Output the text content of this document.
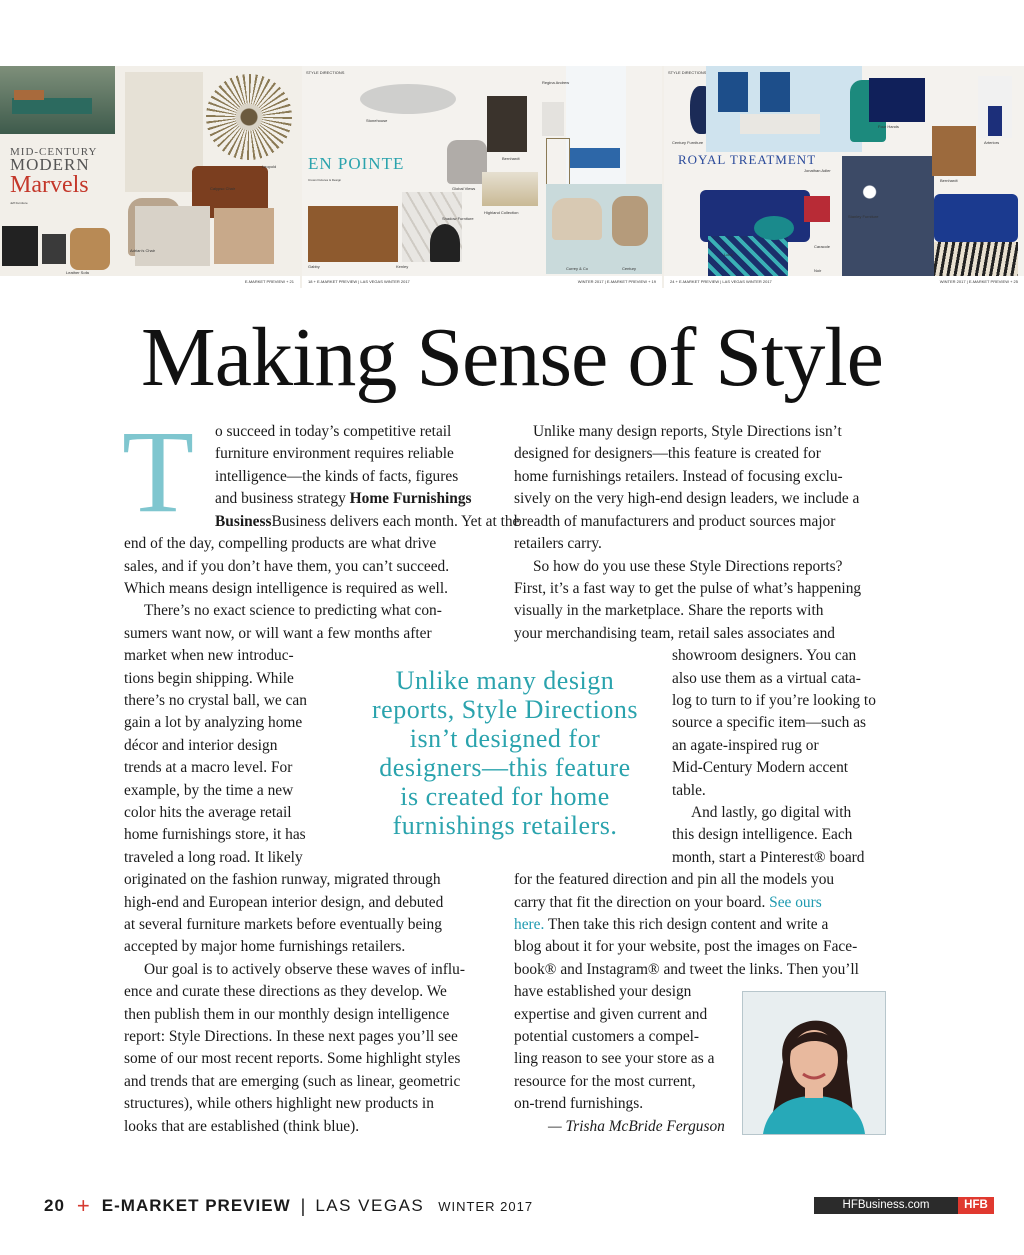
MID-CENTURY
MODERN
Marvels
Jeff Furniture
Adrian's Chair
Calypso Chair
Leopold
Leather Sofa
E-MARKET PREVIEW + 21
STYLE DIRECTIONS
EN POINTE
Crown Fixtures & Design
Stonehouse
Global Views
Shadow Furniture
Gabby	Kenley
Bernhardt
Regina Andrew
Highland Collection
Currey & Co	Century
18 + E-MARKET PREVIEW | LAS VEGAS WINTER 2017	WINTER 2017 | E-MARKET PREVIEW + 19
STYLE DIRECTIONS
ROYAL TREATMENT
Century Furniture
Jonathan Adler
Caracole
Loloi
Noir
Four Hands
Arteriors
Bernhardt
Stanley Furniture
24 + E-MARKET PREVIEW | LAS VEGAS WINTER 2017	WINTER 2017 | E-MARKET PREVIEW + 25
Making Sense of Style
T o succeed in today’s competitive retail
furniture environment requires reliable
intelligence—the kinds of facts, figures
and business strategy Home Furnishings
BusinessBusiness delivers each month. Yet at the
end of the day, compelling products are what drive
sales, and if you don’t have them, you can’t succeed.
Which means design intelligence is required as well.
There’s no exact science to predicting what con-
sumers want now, or will want a few months after
market when new introduc-
tions begin shipping. While
there’s no crystal ball, we can
gain a lot by analyzing home
décor and interior design
trends at a macro level. For
example, by the time a new
color hits the average retail
home furnishings store, it has
traveled a long road. It likely
originated on the fashion runway, migrated through
high-end and European interior design, and debuted
at several furniture markets before eventually being
accepted by major home furnishings retailers.
Our goal is to actively observe these waves of influ-
ence and curate these directions as they develop. We
then publish them in our monthly design intelligence
report: Style Directions. In these next pages you’ll see
some of our most recent reports. Some highlight styles
and trends that are emerging (such as linear, geometric
structures), while others highlight new products in
looks that are established (think blue).
Unlike many design
reports, Style Directions
isn’t designed for
designers—this feature
is created for home
furnishings retailers.
Unlike many design reports, Style Directions isn’t
designed for designers—this feature is created for
home furnishings retailers. Instead of focusing exclu-
sively on the very high-end design leaders, we include a
breadth of manufacturers and product sources major
retailers carry.
So how do you use these Style Directions reports?
First, it’s a fast way to get the pulse of what’s happening
visually in the marketplace. Share the reports with
your merchandising team, retail sales associates and
showroom designers. You can
also use them as a virtual cata-
log to turn to if you’re looking to
source a specific item—such as
an agate-inspired rug or
Mid-Century Modern accent
table.
And lastly, go digital with
this design intelligence. Each
month, start a Pinterest® board
for the featured direction and pin all the models you
carry that fit the direction on your board. See ours
here. Then take this rich design content and write a
blog about it for your website, post the images on Face-
book® and Instagram® and tweet the links. Then you’ll
have established your design
expertise and given current and
potential customers a compel-
ling reason to see your store as a
resource for the most current,
on-trend furnishings.
— Trisha McBride Ferguson
20 + E-MARKET PREVIEW | LAS VEGAS WINTER 2017	HFBusiness.com	HFB
